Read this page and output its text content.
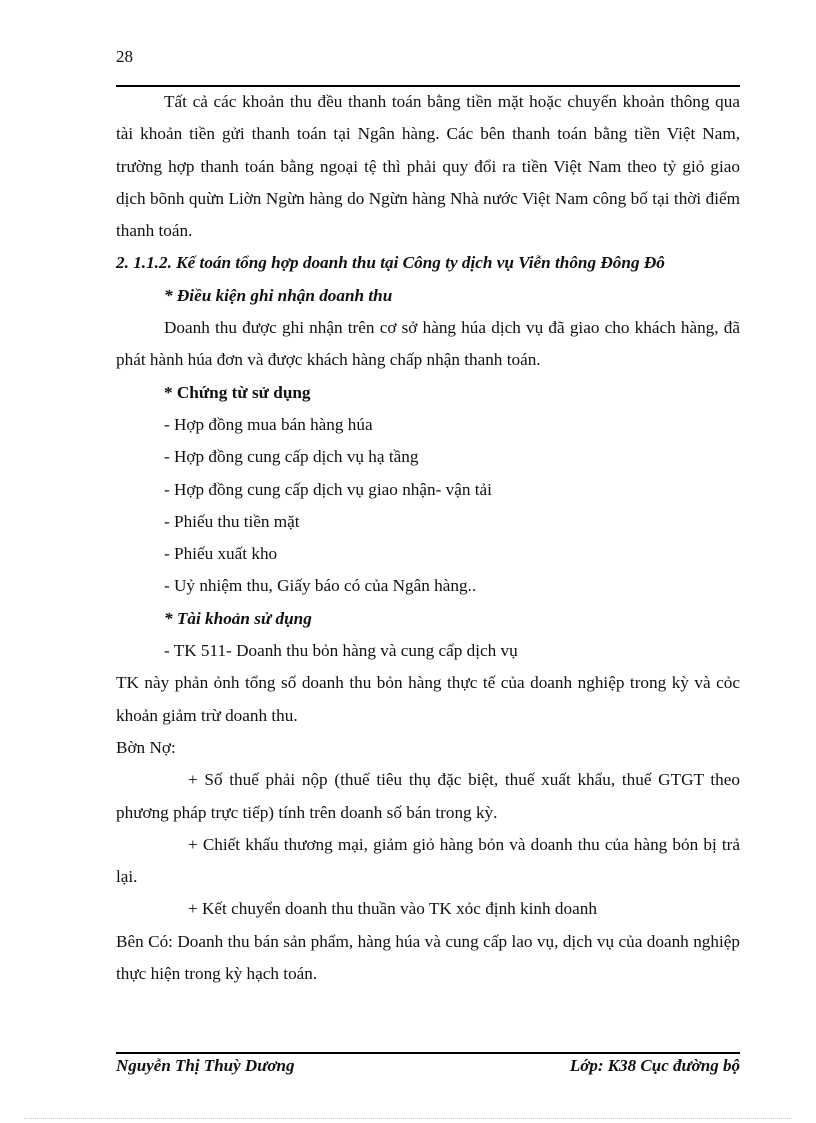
28

Tất cả các khoản thu đều thanh toán bằng tiền mặt hoặc chuyển khoản thông qua tài khoản tiền gửi thanh toán tại Ngân hàng. Các bên thanh toán bằng tiền Việt Nam, trường hợp thanh toán bằng ngoại tệ thì phải quy đổi ra tiền Việt Nam theo tỷ giỏ giao dịch bõnh quừn Liờn Ngừn hàng do Ngừn hàng Nhà nước Việt Nam công bố tại thời điểm thanh toán.

2. 1.1.2. Kế toán tổng hợp doanh thu tại Công ty dịch vụ Viễn thông Đông Đô

* Điều kiện ghi nhận doanh thu

Doanh thu được ghi nhận trên cơ sở hàng húa dịch vụ đã giao cho khách hàng, đã phát hành húa đơn và được khách hàng chấp nhận thanh toán.

* Chứng từ sử dụng

- Hợp đồng mua bán hàng húa

- Hợp đồng cung cấp dịch vụ hạ tầng

- Hợp đồng cung cấp dịch vụ giao nhận- vận tải

- Phiếu thu tiền mặt

- Phiếu xuất kho

- Uỷ nhiệm thu, Giấy báo có của Ngân hàng..

* Tài khoản sử dụng

- TK 511- Doanh thu bỏn hàng và cung cấp dịch vụ

TK này phản ỏnh tổng số doanh thu bỏn hàng thực tế của doanh nghiệp trong kỳ và cỏc khoản giảm trừ doanh thu.

Bờn Nợ:

+ Số thuế phải nộp (thuế tiêu thụ đặc biệt, thuế xuất khẩu, thuế GTGT theo phương pháp trực tiếp) tính trên doanh số bán trong kỳ.

+ Chiết khấu thương mại, giảm giỏ hàng bỏn và doanh thu của hàng bỏn bị trả lại.

+ Kết chuyển doanh thu thuần vào TK xỏc định kinh doanh

Bên Có: Doanh thu bán sản phẩm, hàng húa và cung cấp lao vụ, dịch vụ của doanh nghiệp thực hiện trong kỳ hạch toán.

Nguyễn Thị Thuỳ Dương	Lớp: K38 Cục đường bộ
